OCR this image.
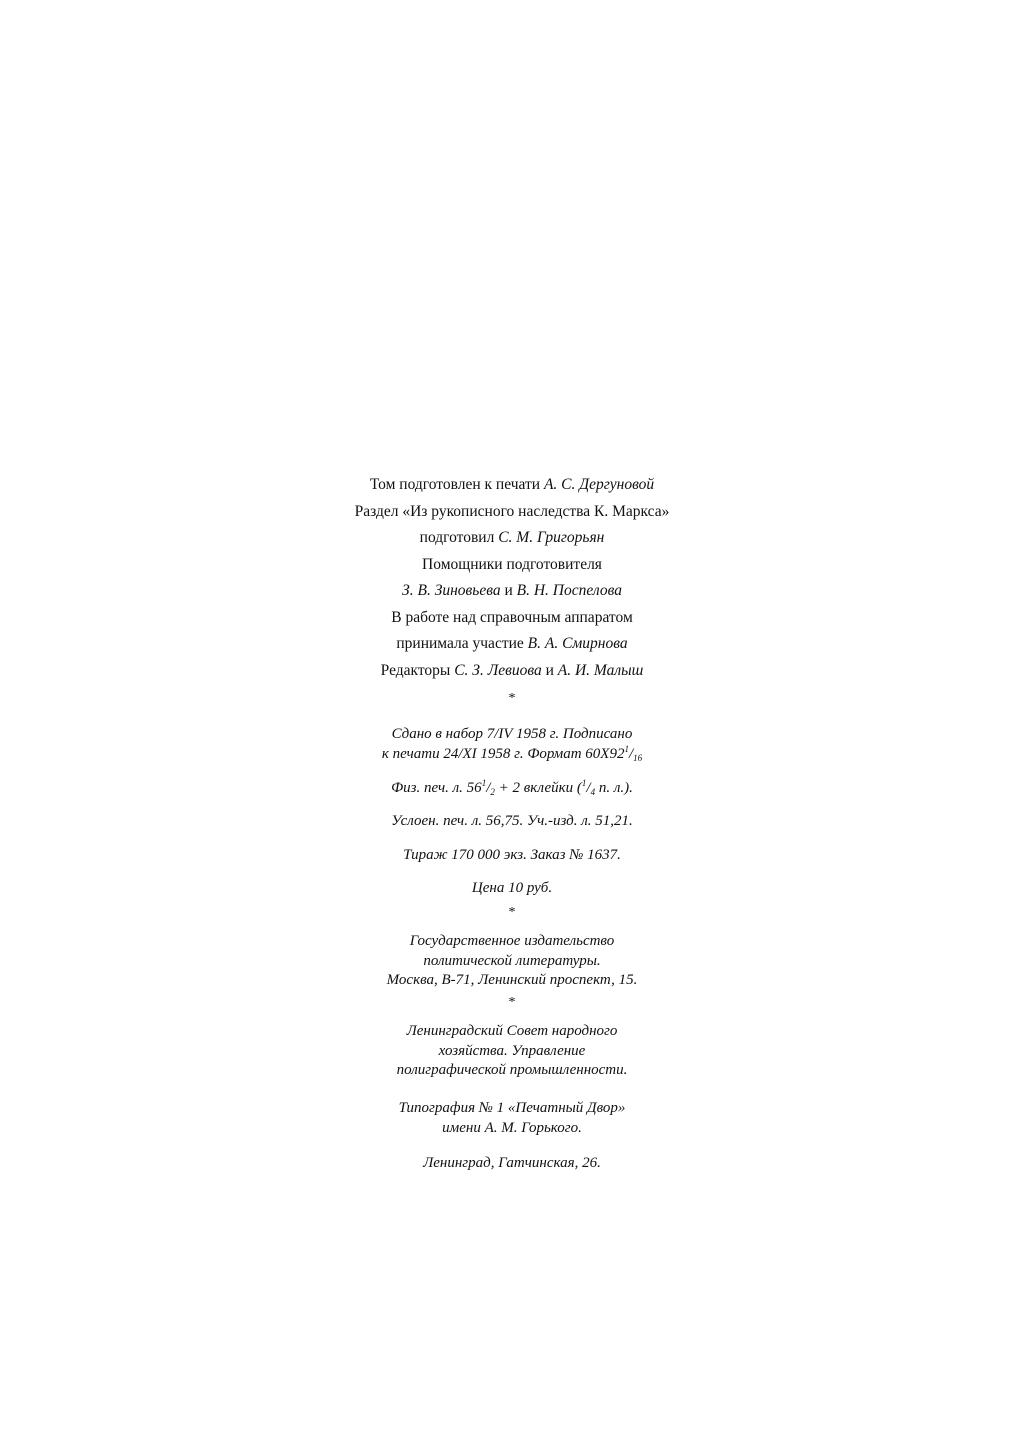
Том подготовлен к печати А. С. Дергуновой
Раздел «Из рукописного наследства К. Маркса»
подготовил С. М. Григорьян
Помощники подготовителя
З. В. Зиновьева и В. Н. Поспелова
В работе над справочным аппаратом
принимала участие В. А. Смирнова
Редакторы С. З. Левиова и А. И. Малыш
*
Сдано в набор 7/IV 1958 г. Подписано
к печати 24/XI 1958 г. Формат $60X92^1/_{16}$
Физ. печ. л. $56^1/_2 + 2$ вклейки ($^1/_4$ п. л.).
Услоен. печ. л. 56,75. Уч.-изд. л. 51,21.
Тираж 170 000 экз. Заказ № 1637.
Цена 10 руб.
*
Государственное издательство
политической литературы.
Москва, В-71, Ленинский проспект, 15.
*
Ленинградский Совет народного
хозяйства. Управление
полиграфической промышленности.
Типография № 1 «Печатный Двор»
имени А. М. Горького.
Ленинград, Гатчинская, 26.
